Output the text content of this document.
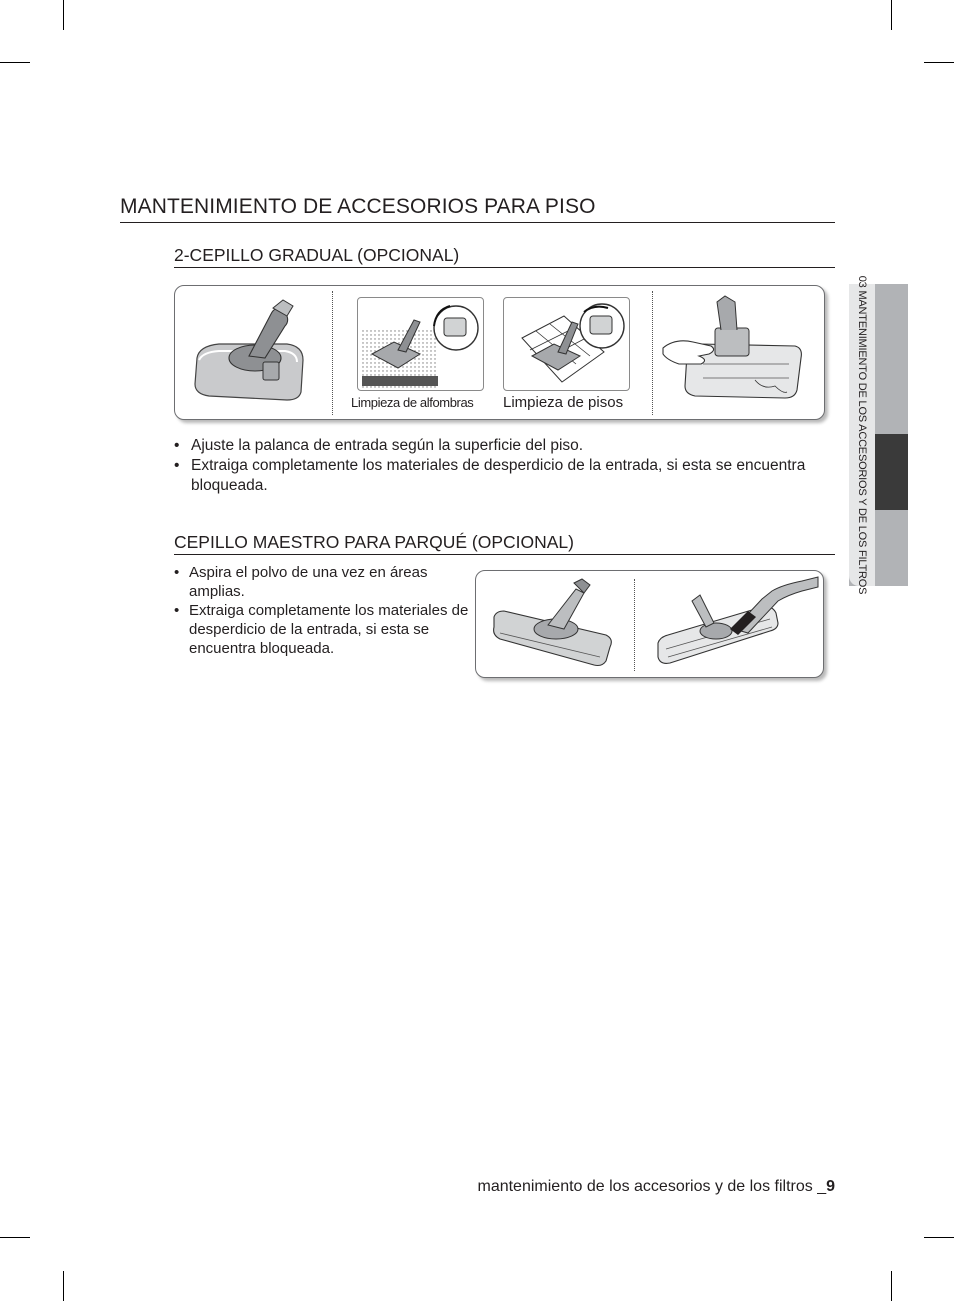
MANTENIMIENTO DE ACCESORIOS PARA PISO
2-CEPILLO GRADUAL (OPCIONAL)
Limpieza de alfombras Limpieza de pisos
• Ajuste la palanca de entrada según la superficie del piso.
• Extraiga completamente los materiales de desperdicio de la entrada, si esta se encuentra bloqueada.
CEPILLO MAESTRO PARA PARQUÉ (OPCIONAL)
• Aspira el polvo de una vez en áreas amplias.
• Extraiga completamente los materiales de desperdicio de la entrada, si esta se encuentra bloqueada.
03 MANTENIMIENTO DE LOS ACCESORIOS Y DE LOS FILTROS
mantenimiento de los accesorios y de los filtros _9
